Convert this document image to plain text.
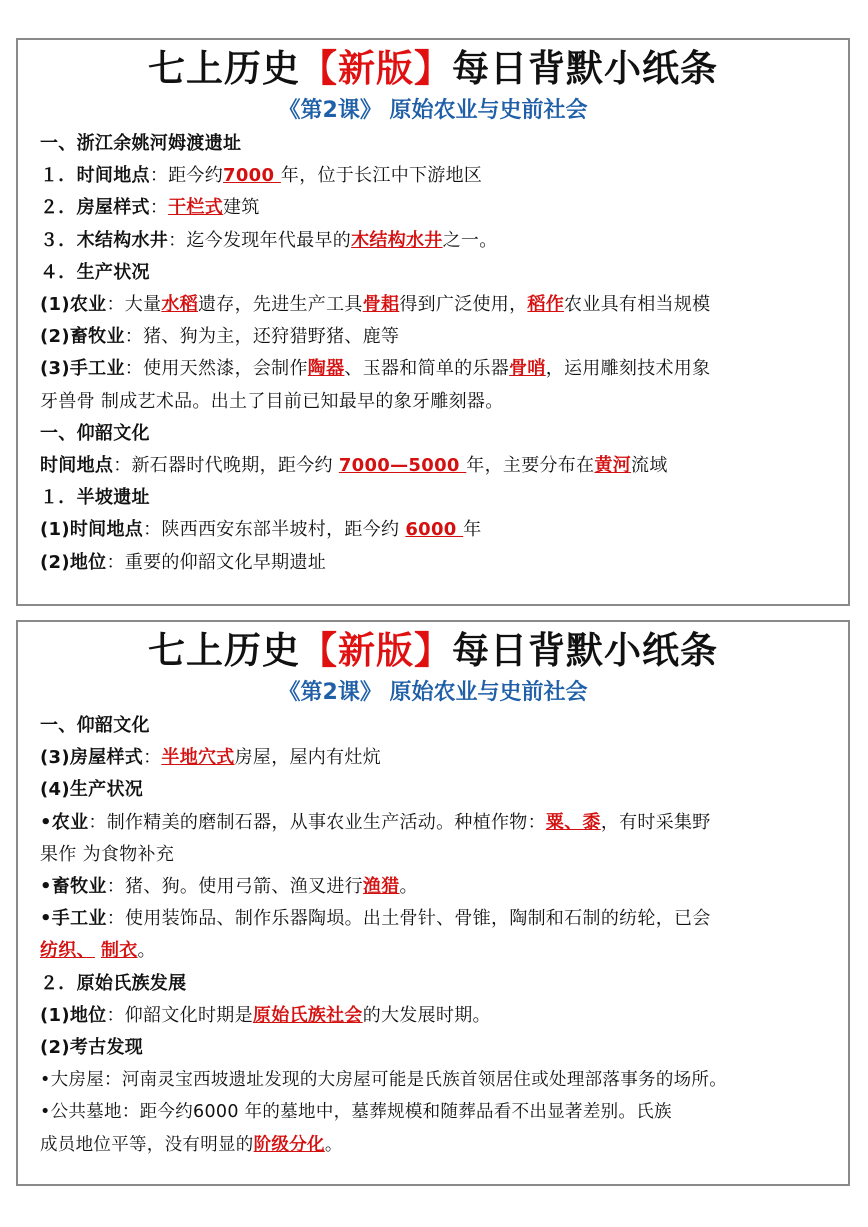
七上历史【新版】每日背默小纸条
《第2课》 原始农业与史前社会
一、浙江余姚河姆渡遗址
１．时间地点：距今约7000 年，位于长江中下游地区
２．房屋样式：干栏式建筑
３．木结构水井：迄今发现年代最早的木结构水井之一。
４．生产状况
(1)农业：大量水稻遗存，先进生产工具骨耜得到广泛使用，稻作农业具有相当规模
(2)畜牧业：猪、狗为主，还狩猎野猪、鹿等
(3)手工业：使用天然漆，会制作陶器、玉器和简单的乐器骨哨，运用雕刻技术用象
牙兽骨 制成艺术品。出土了目前已知最早的象牙雕刻器。
一、仰韶文化
时间地点：新石器时代晚期，距今约 7000—5000 年，主要分布在黄河流域
１．半坡遗址
(1)时间地点：陕西西安东部半坡村，距今约 6000 年
(2)地位：重要的仰韶文化早期遗址
七上历史【新版】每日背默小纸条
《第2课》 原始农业与史前社会
一、仰韶文化
(3)房屋样式：半地穴式房屋，屋内有灶炕
(4)生产状况
•农业：制作精美的磨制石器，从事农业生产活动。种植作物：粟、黍，有时采集野
果作 为食物补充
•畜牧业：猪、狗。使用弓箭、渔叉进行渔猎。
•手工业：使用装饰品、制作乐器陶埙。出土骨针、骨锥，陶制和石制的纺轮，已会
纺织、 制衣。
２．原始氏族发展
(1)地位：仰韶文化时期是原始氏族社会的大发展时期。
(2)考古发现
•大房屋：河南灵宝西坡遗址发现的大房屋可能是氏族首领居住或处理部落事务的场所。
•公共墓地：距今约6000 年的墓地中，墓葬规模和随葬品看不出显著差别。氏族
成员地位平等，没有明显的阶级分化。
